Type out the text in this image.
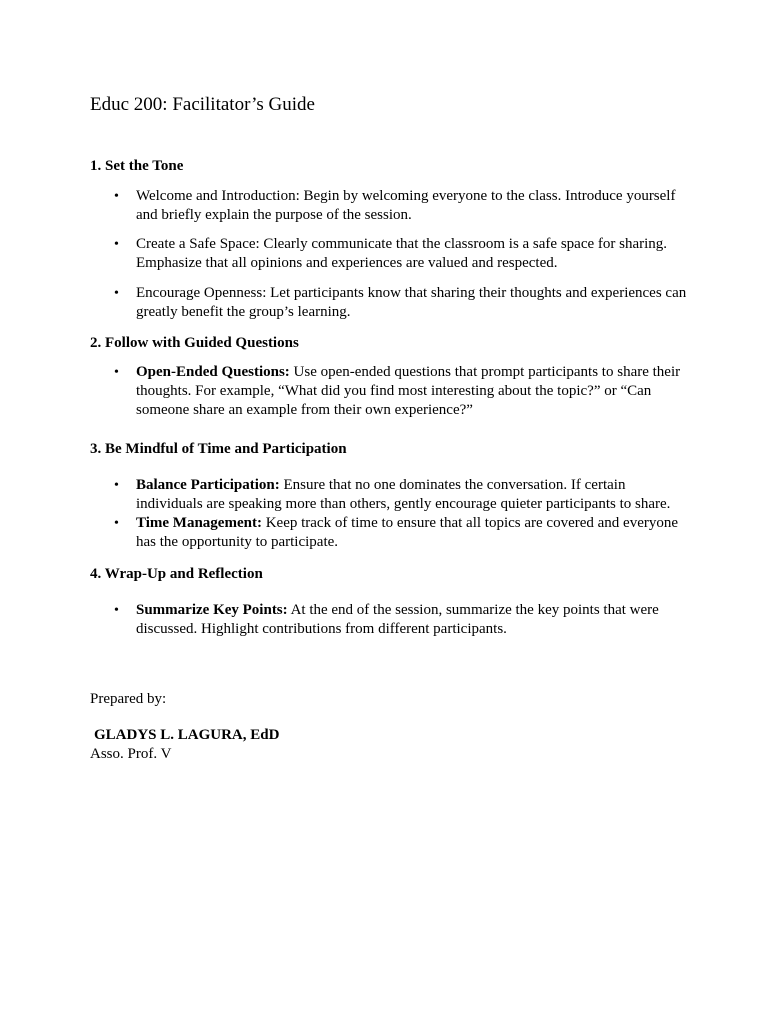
Educ 200: Facilitator’s Guide

1. Set the Tone

• Welcome and Introduction: Begin by welcoming everyone to the class. Introduce yourself and briefly explain the purpose of the session.
• Create a Safe Space: Clearly communicate that the classroom is a safe space for sharing. Emphasize that all opinions and experiences are valued and respected.
• Encourage Openness: Let participants know that sharing their thoughts and experiences can greatly benefit the group’s learning.

2. Follow with Guided Questions

• Open-Ended Questions: Use open-ended questions that prompt participants to share their thoughts. For example, “What did you find most interesting about the topic?” or “Can someone share an example from their own experience?”

3. Be Mindful of Time and Participation

• Balance Participation: Ensure that no one dominates the conversation. If certain individuals are speaking more than others, gently encourage quieter participants to share.
• Time Management: Keep track of time to ensure that all topics are covered and everyone has the opportunity to participate.

4. Wrap-Up and Reflection

• Summarize Key Points: At the end of the session, summarize the key points that were discussed. Highlight contributions from different participants.

Prepared by:

GLADYS L. LAGURA, EdD

Asso. Prof. V
